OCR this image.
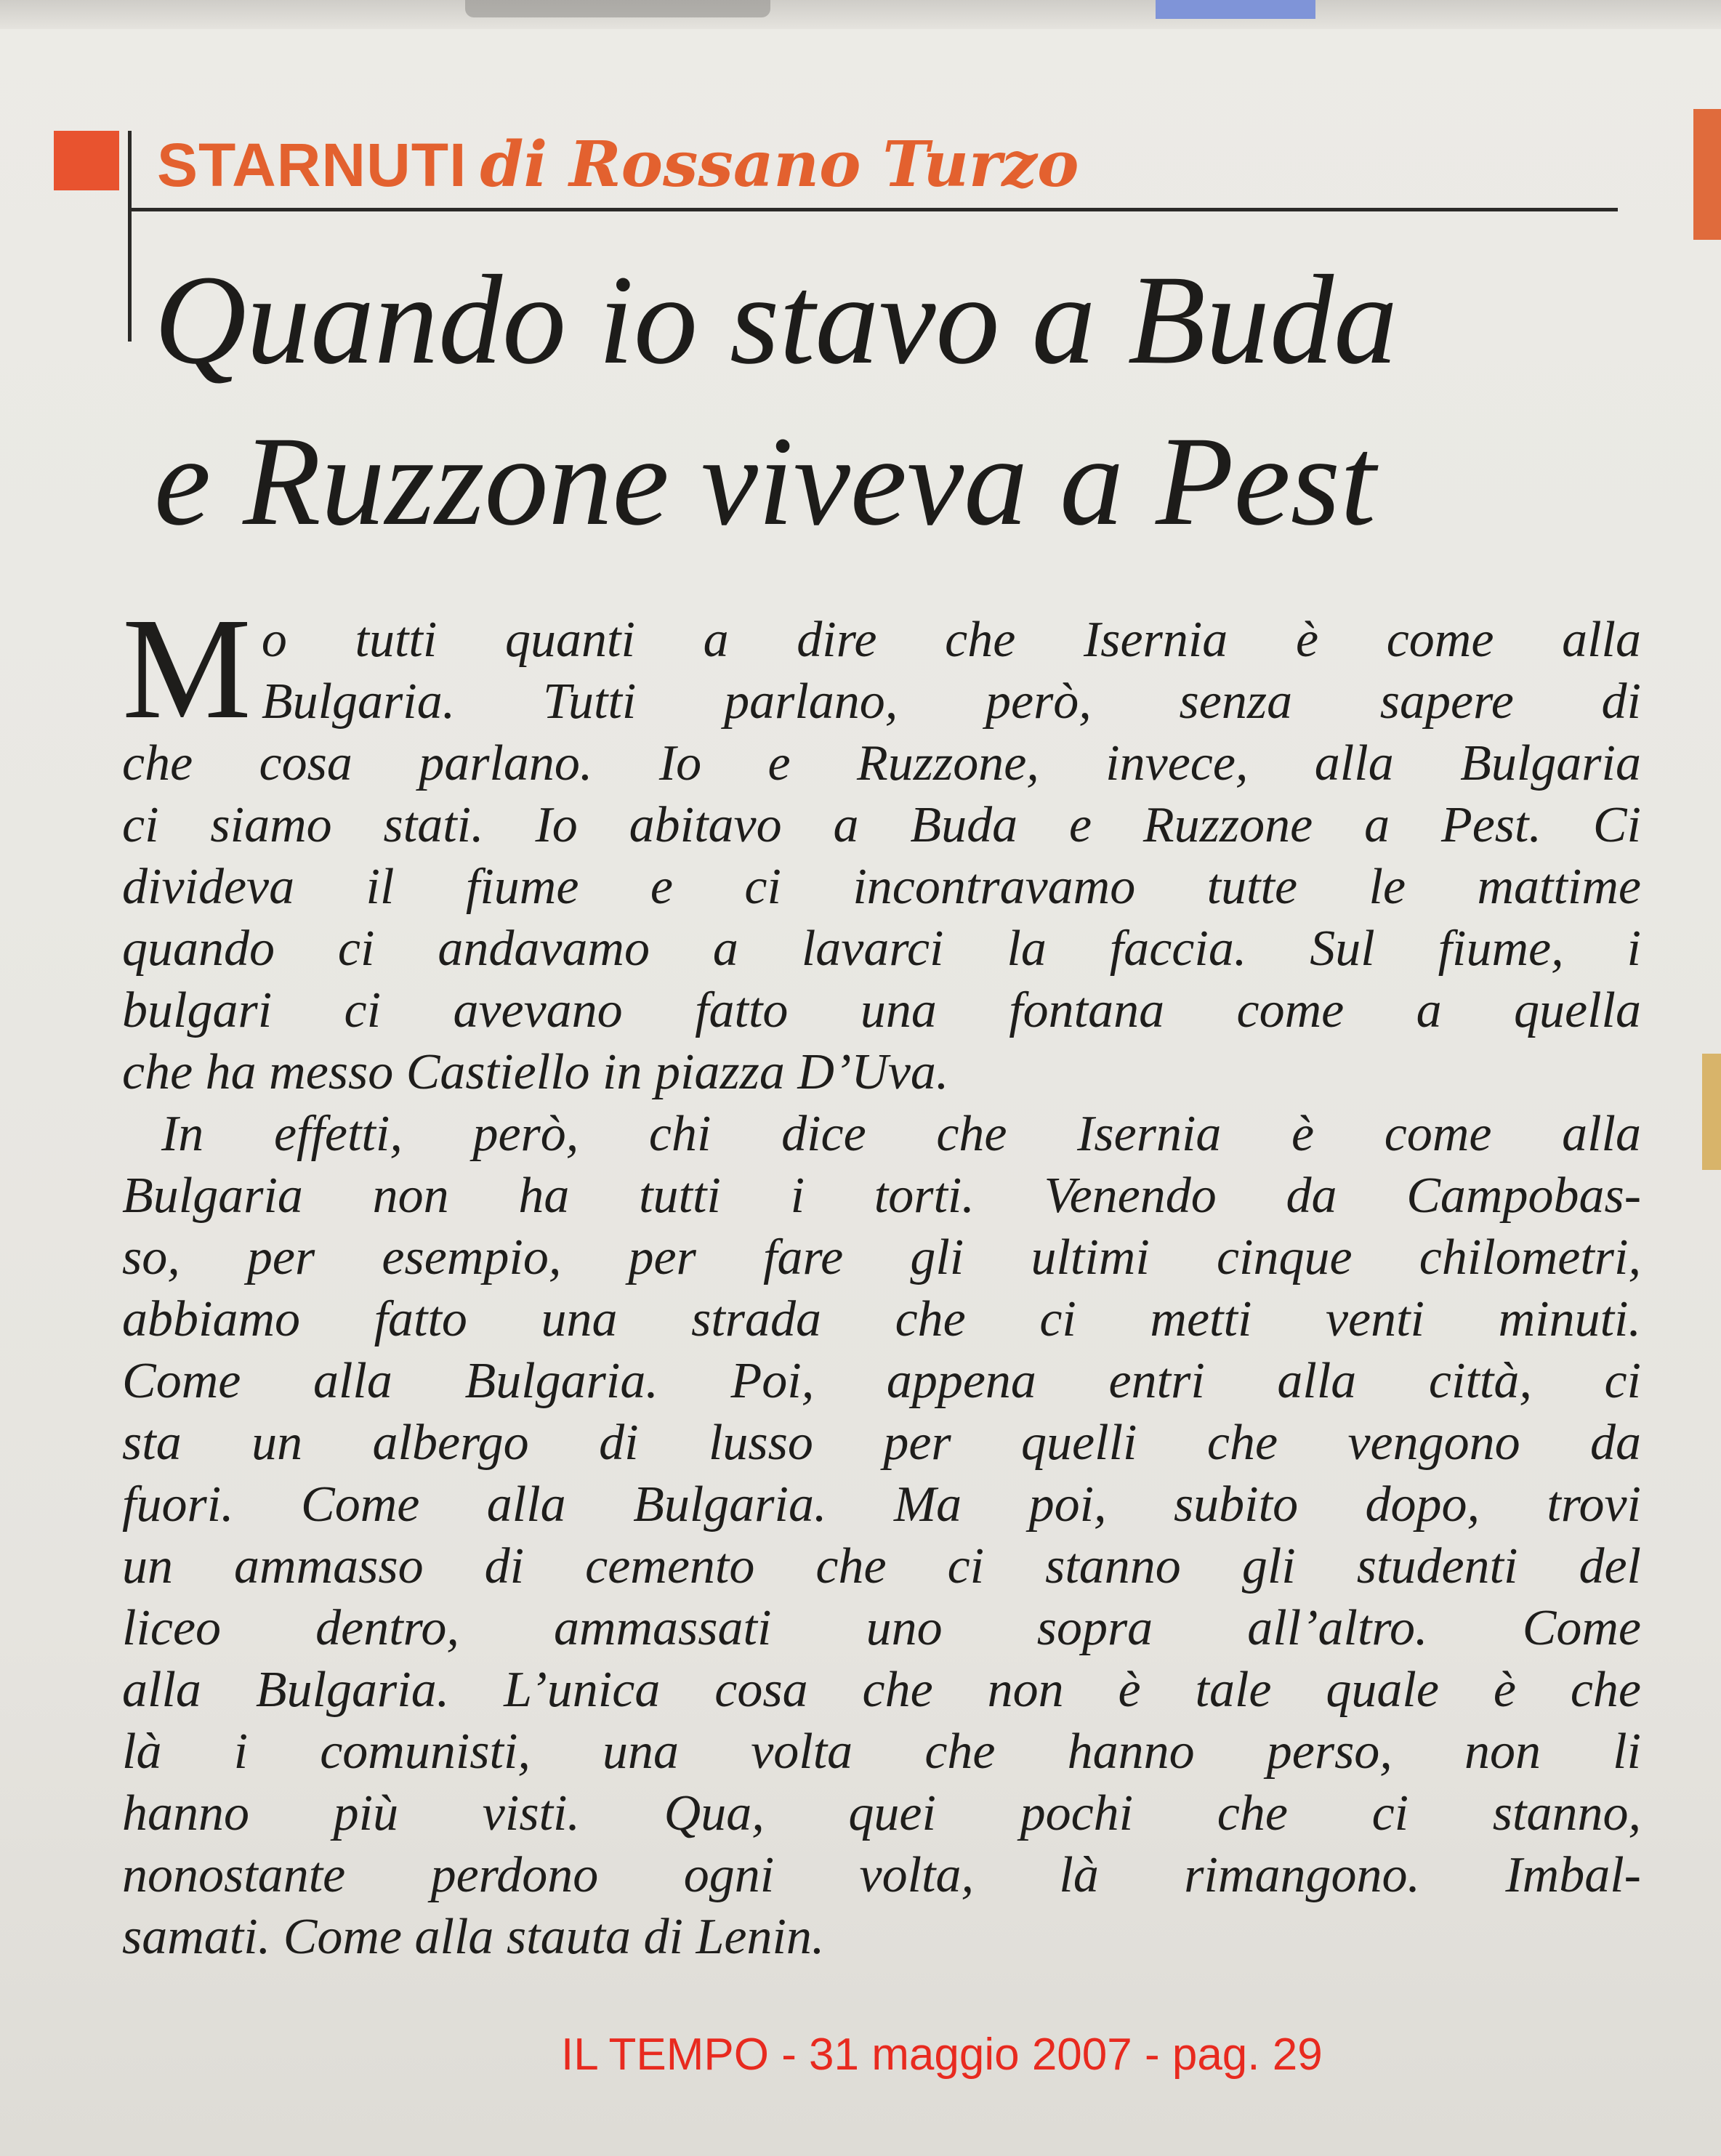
STARNUTI di Rossano Turzo
Quando io stavo a Buda
e Ruzzone viveva a Pest
M o tutti quanti a dire che Isernia è come alla
Bulgaria. Tutti parlano, però, senza sapere di
che cosa parlano. Io e Ruzzone, invece, alla Bulgaria
ci siamo stati. Io abitavo a Buda e Ruzzone a Pest. Ci
divideva il fiume e ci incontravamo tutte le mattime
quando ci andavamo a lavarci la faccia. Sul fiume, i
bulgari ci avevano fatto una fontana come a quella
che ha messo Castiello in piazza D’Uva.
In effetti, però, chi dice che Isernia è come alla
Bulgaria non ha tutti i torti. Venendo da Campobas-
so, per esempio, per fare gli ultimi cinque chilometri,
abbiamo fatto una strada che ci metti venti minuti.
Come alla Bulgaria. Poi, appena entri alla città, ci
sta un albergo di lusso per quelli che vengono da
fuori. Come alla Bulgaria. Ma poi, subito dopo, trovi
un ammasso di cemento che ci stanno gli studenti del
liceo dentro, ammassati uno sopra all’altro. Come
alla Bulgaria. L’unica cosa che non è tale quale è che
là i comunisti, una volta che hanno perso, non li
hanno più visti. Qua, quei pochi che ci stanno,
nonostante perdono ogni volta, là rimangono. Imbal-
samati. Come alla stauta di Lenin.
IL TEMPO - 31 maggio 2007 - pag. 29
